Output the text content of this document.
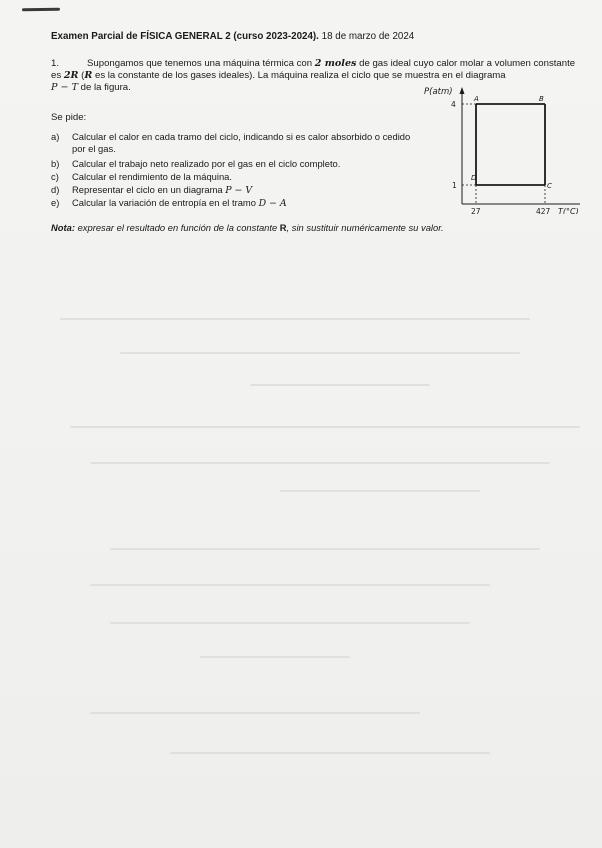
Examen Parcial de FÍSICA GENERAL 2 (curso 2023-2024). 18 de marzo de 2024
1.	Supongamos que tenemos una máquina térmica con 2 moles de gas ideal cuyo calor molar a volumen constante es 2R (R es la constante de los gases ideales). La máquina realiza el ciclo que se muestra en el diagrama
P − T de la figura.
Se pide:
a)	Calcular el calor en cada tramo del ciclo, indicando si es calor absorbido o cedido por el gas.
b)	Calcular el trabajo neto realizado por el gas en el ciclo completo.
c)	Calcular el rendimiento de la máquina.
d)	Representar el ciclo en un diagrama P − V
e)	Calcular la variación de entropía en el tramo D − A
Nota: expresar el resultado en función de la constante R, sin sustituir numéricamente su valor.
P(atm)
4
1
A	B
C
D
27	427 T(°C)
